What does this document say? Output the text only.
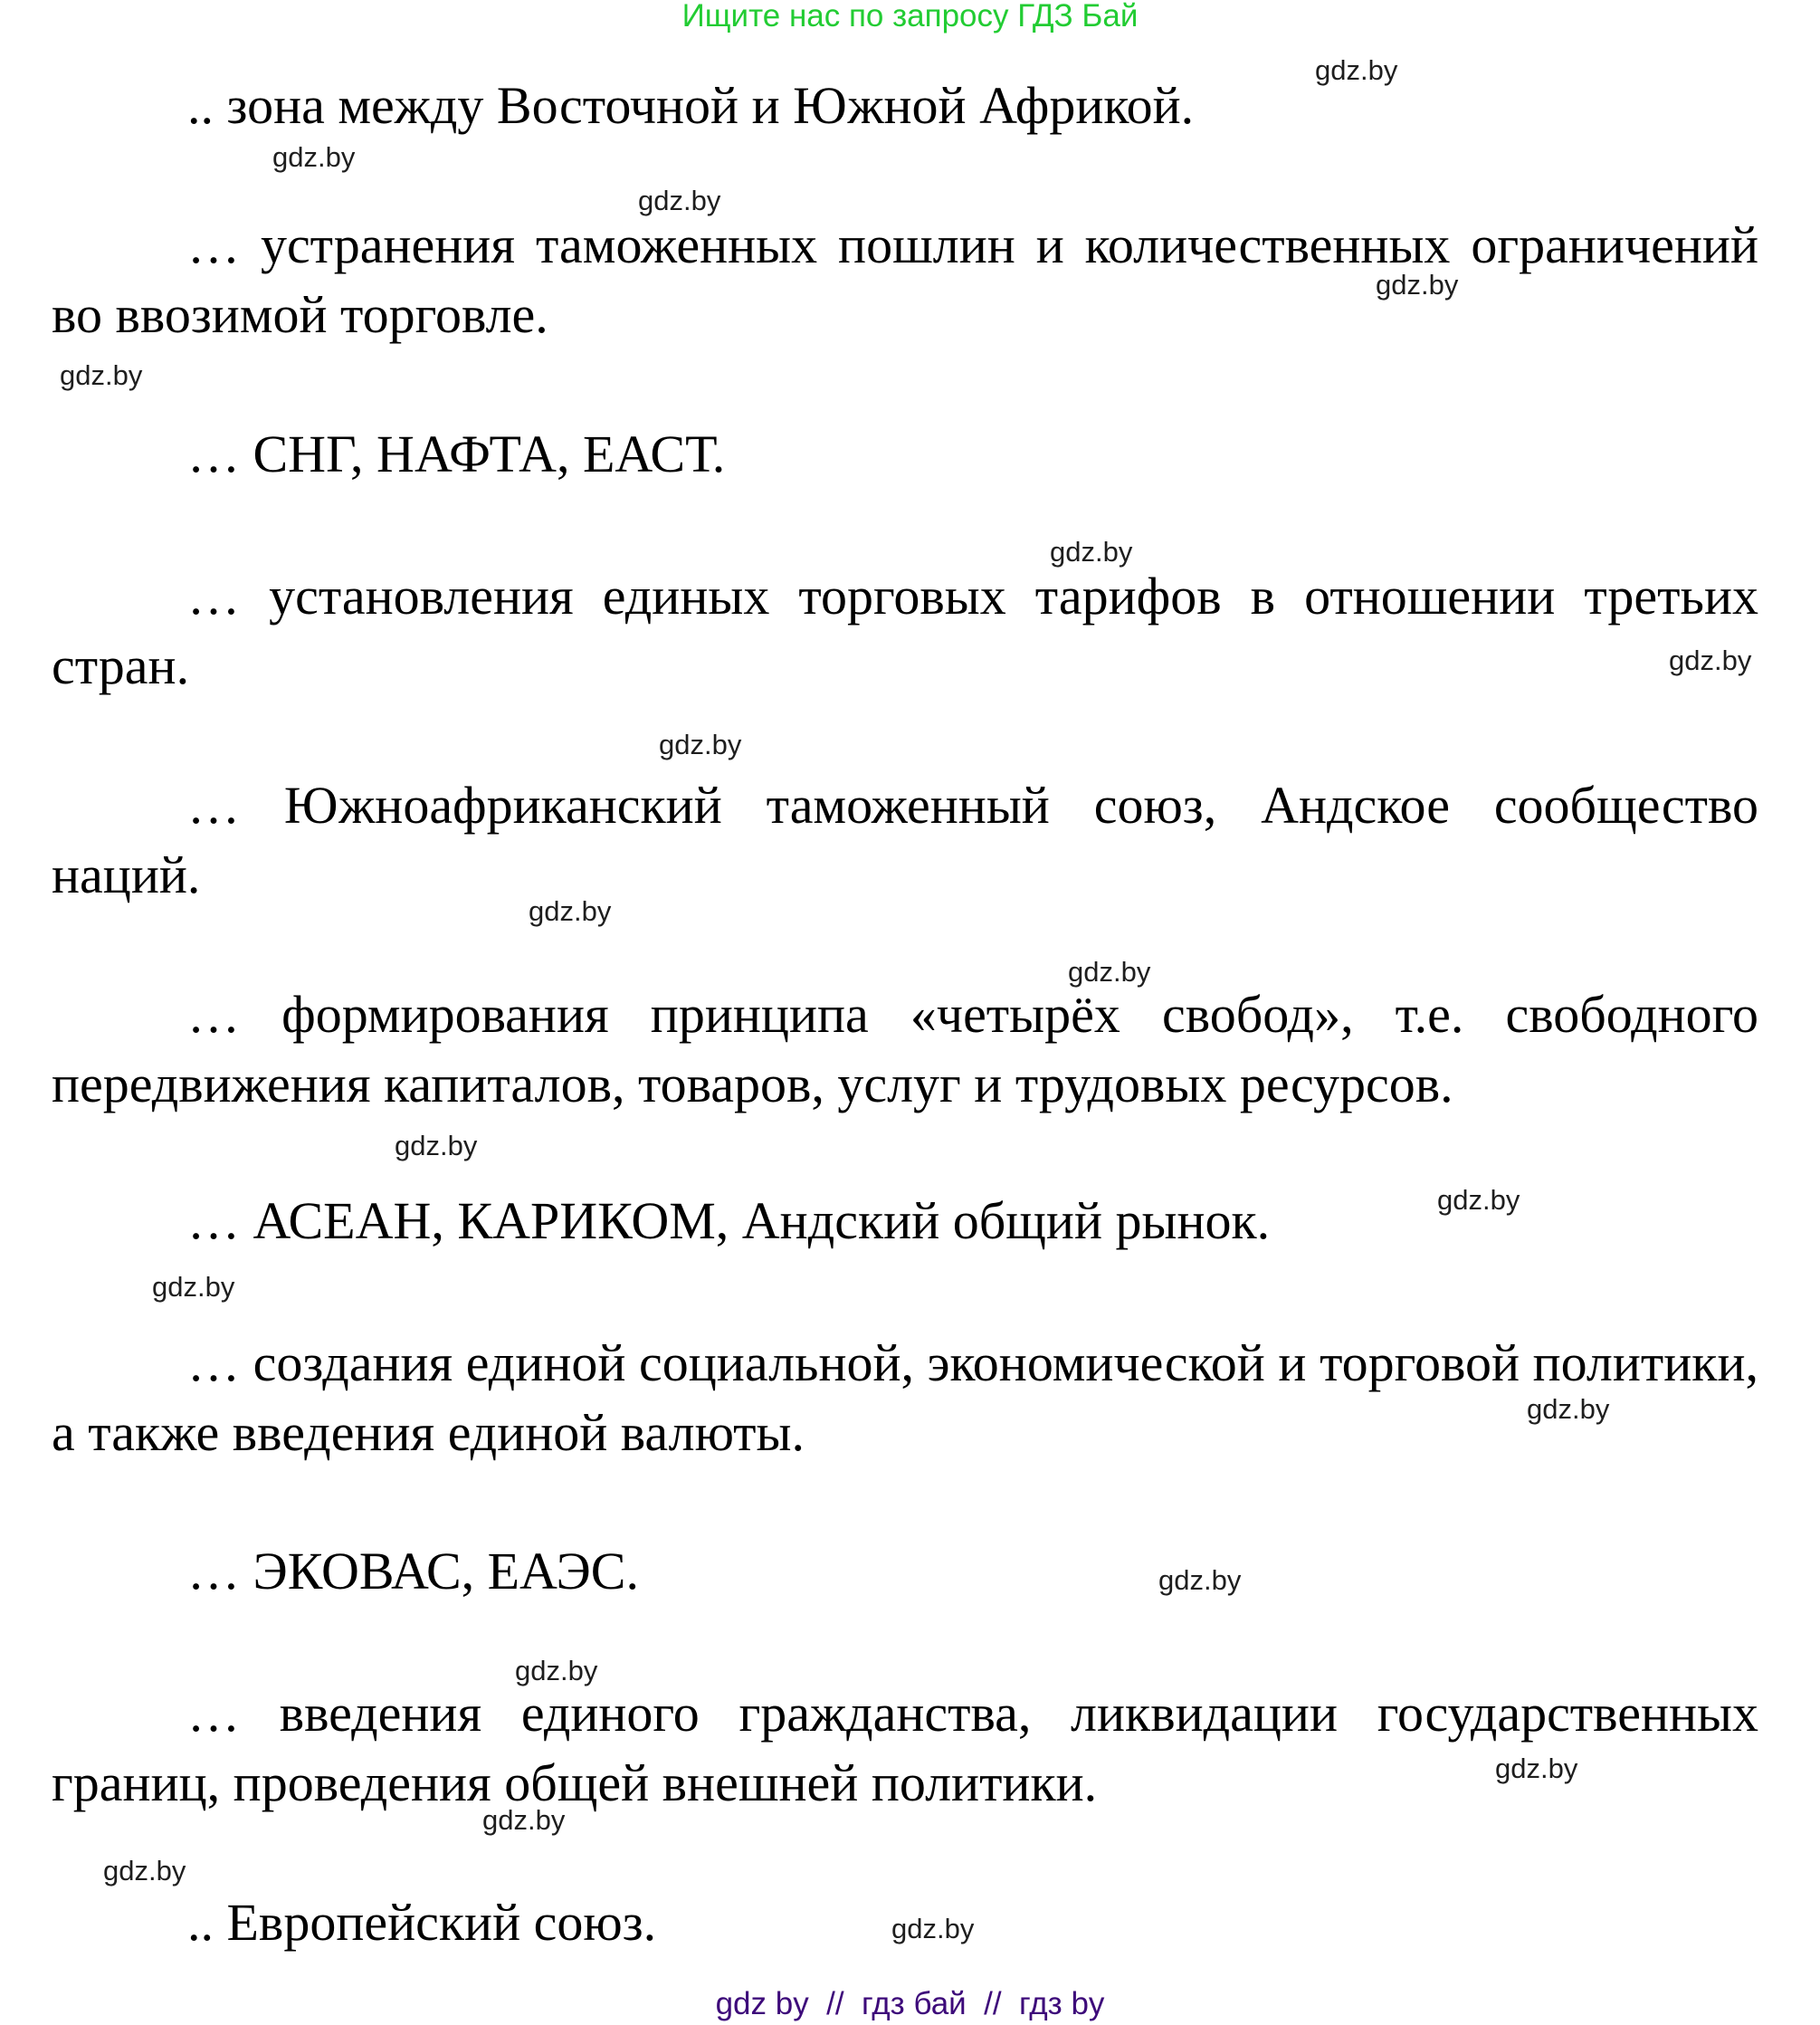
Ищите нас по запросу ГДЗ Бай

.. зона между Восточной и Южной Африкой.

… устранения таможенных пошлин и количественных ограничений во ввозимой торговле.

… СНГ, НАФТА, ЕАСТ.

… установления единых торговых тарифов в отношении третьих стран.

… Южноафриканский таможенный союз, Андское сообщество наций.

… формирования принципа «четырёх свобод», т.е. свободного передвижения капиталов, товаров, услуг и трудовых ресурсов.

… АСЕАН, КАРИКОМ, Андский общий рынок.

… создания единой социальной, экономической и торговой политики, а также введения единой валюты.

… ЭКОВАС, ЕАЭС.

… введения единого гражданства, ликвидации государственных границ, проведения общей внешней политики.

.. Европейский союз.

gdz.by
gdz.by
gdz.by
gdz.by
gdz.by
gdz.by
gdz.by
gdz.by
gdz.by
gdz.by
gdz.by
gdz.by
gdz.by
gdz.by
gdz.by
gdz.by
gdz.by
gdz.by
gdz.by
gdz.by
gdz by  //  гдз бай  //  гдз by
